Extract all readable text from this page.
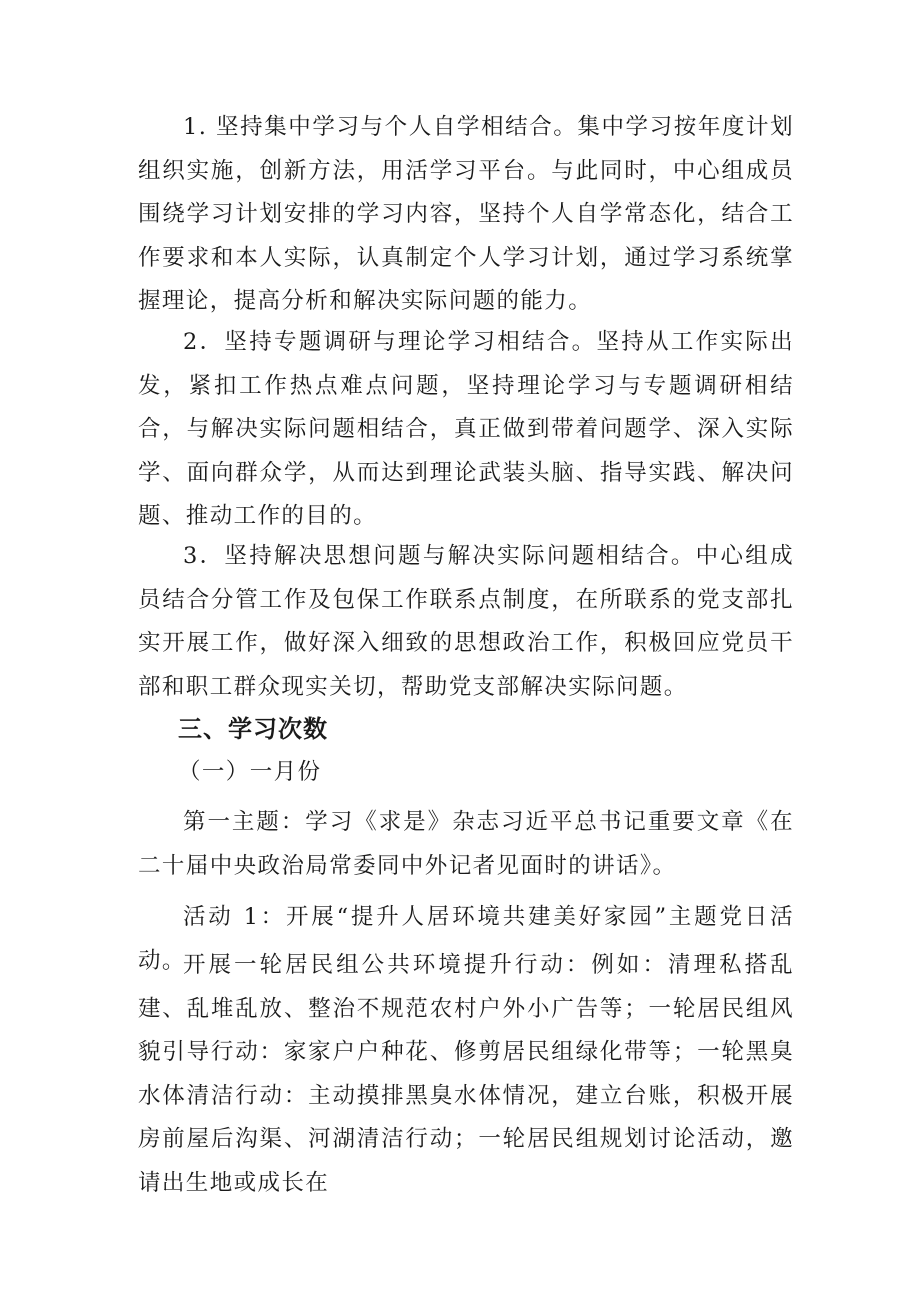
1. 坚持集中学习与个人自学相结合。集中学习按年度计划组织实施，创新方法，用活学习平台。与此同时，中心组成员围绕学习计划安排的学习内容，坚持个人自学常态化，结合工作要求和本人实际，认真制定个人学习计划，通过学习系统掌握理论，提高分析和解决实际问题的能力。

2．坚持专题调研与理论学习相结合。坚持从工作实际出发，紧扣工作热点难点问题，坚持理论学习与专题调研相结合，与解决实际问题相结合，真正做到带着问题学、深入实际学、面向群众学，从而达到理论武装头脑、指导实践、解决问题、推动工作的目的。

3．坚持解决思想问题与解决实际问题相结合。中心组成员结合分管工作及包保工作联系点制度，在所联系的党支部扎实开展工作，做好深入细致的思想政治工作，积极回应党员干部和职工群众现实关切，帮助党支部解决实际问题。

三、学习次数

（一）一月份

第一主题：学习《求是》杂志习近平总书记重要文章《在二十届中央政治局常委同中外记者见面时的讲话》。

活动 1：开展“提升人居环境共建美好家园”主题党日活动。

开展一轮居民组公共环境提升行动：例如：清理私搭乱建、乱堆乱放、整治不规范农村户外小广告等；一轮居民组风貌引导行动：家家户户种花、修剪居民组绿化带等；一轮黑臭水体清洁行动：主动摸排黑臭水体情况，建立台账，积极开展房前屋后沟渠、河湖清洁行动；一轮居民组规划讨论活动，邀请出生地或成长在
